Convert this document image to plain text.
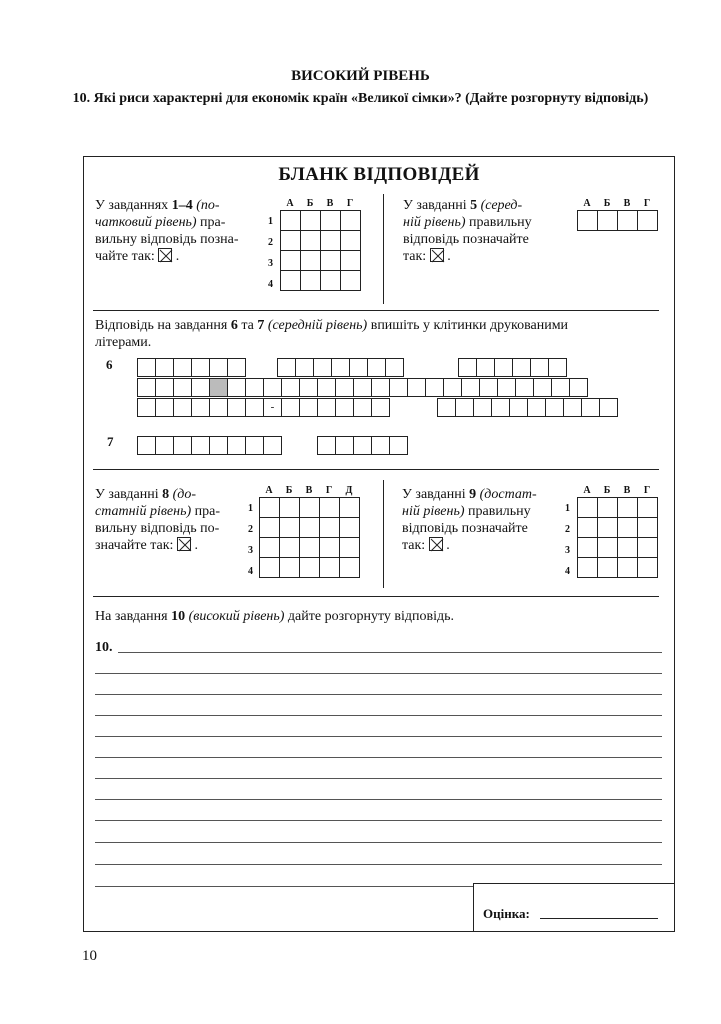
ВИСОКИЙ РІВЕНЬ
10. Які риси характерні для економік країн «Великої сімки»? (Дайте розгорнуту відповідь)
БЛАНК ВІДПОВІДЕЙ
У завданнях 1–4 (по-
чатковий рівень) пра-
вильну відповідь позна-
чайте так: ☒ .
А	Б	В	Г
1
2
3
4

У завданні 5 (серед-
ній рівень) правильну
відповідь позначайте
так: ☒ .
А	Б	В	Г

Відповідь на завдання 6 та 7 (середній рівень) впишіть у клітинки друкованими
літерами.
6
7
-
У завданні 8 (до-
статній рівень) пра-
вильну відповідь по-
значайте так: ☒ .
А	Б	В	Г	Д
1
2
3
4

У завданні 9 (достат-
ній рівень) правильну
відповідь позначайте
так: ☒ .
А	Б	В	Г
1
2
3
4

На завдання 10 (високий рівень) дайте розгорнуту відповідь.
10.
Оцінка:
10
